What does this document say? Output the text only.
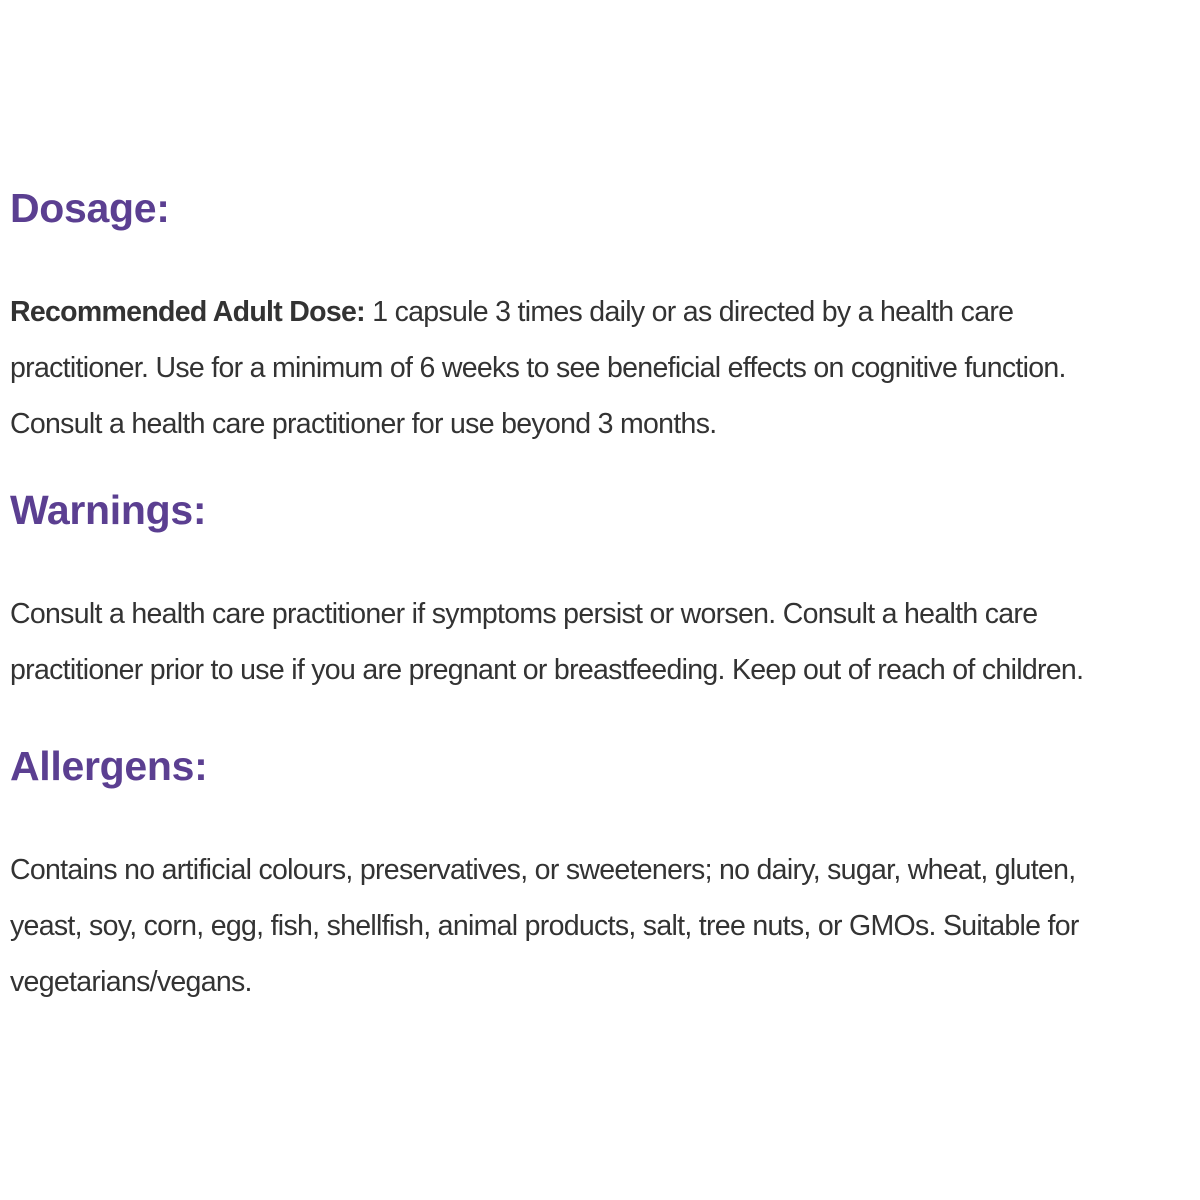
Dosage:

Recommended Adult Dose: 1 capsule 3 times daily or as directed by a health care
practitioner. Use for a minimum of 6 weeks to see beneficial effects on cognitive function.
Consult a health care practitioner for use beyond 3 months.

Warnings:

Consult a health care practitioner if symptoms persist or worsen. Consult a health care
practitioner prior to use if you are pregnant or breastfeeding. Keep out of reach of children.

Allergens:

Contains no artificial colours, preservatives, or sweeteners; no dairy, sugar, wheat, gluten,
yeast, soy, corn, egg, fish, shellfish, animal products, salt, tree nuts, or GMOs. Suitable for
vegetarians/vegans.
